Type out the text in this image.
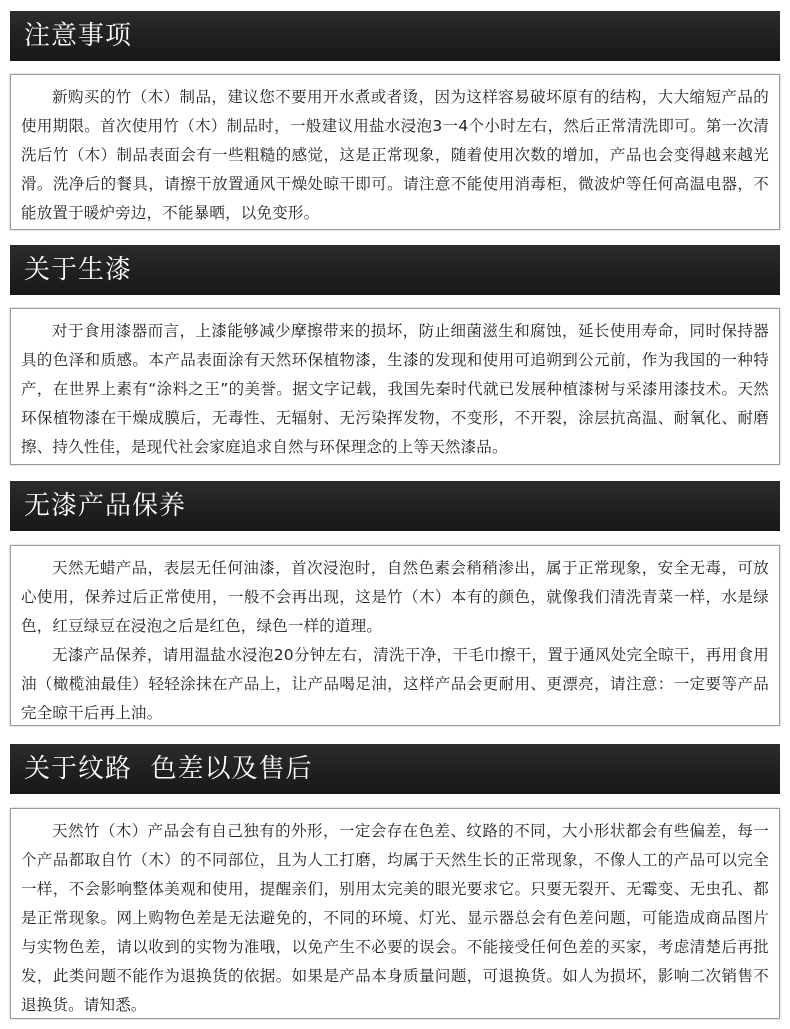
注意事项

新购买的竹（木）制品，建议您不要用开水煮或者烫，因为这样容易破坏原有的结构，大大缩短产品的使用期限。首次使用竹（木）制品时，一般建议用盐水浸泡3一4个小时左右，然后正常清洗即可。第一次清洗后竹（木）制品表面会有一些粗糙的感觉，这是正常现象，随着使用次数的增加，产品也会变得越来越光滑。洗净后的餐具，请擦干放置通风干燥处晾干即可。请注意不能使用消毒柜，微波炉等任何高温电器，不能放置于暖炉旁边，不能暴晒，以免变形。

关于生漆

对于食用漆器而言，上漆能够减少摩擦带来的损坏，防止细菌滋生和腐蚀，延长使用寿命，同时保持器具的色泽和质感。本产品表面涂有天然环保植物漆，生漆的发现和使用可追朔到公元前，作为我国的一种特产，在世界上素有“涂料之王”的美誉。据文字记载，我国先秦时代就已发展种植漆树与采漆用漆技术。天然环保植物漆在干燥成膜后，无毒性、无辐射、无污染挥发物，不变形，不开裂，涂层抗高温、耐氧化、耐磨擦、持久性佳，是现代社会家庭追求自然与环保理念的上等天然漆品。

无漆产品保养

天然无蜡产品，表层无任何油漆，首次浸泡时，自然色素会稍稍渗出，属于正常现象，安全无毒，可放心使用，保养过后正常使用，一般不会再出现，这是竹（木）本有的颜色，就像我们清洗青菜一样，水是绿色，红豆绿豆在浸泡之后是红色，绿色一样的道理。

无漆产品保养，请用温盐水浸泡20分钟左右，清洗干净，干毛巾擦干，置于通风处完全晾干，再用食用油（橄榄油最佳）轻轻涂抹在产品上，让产品喝足油，这样产品会更耐用、更漂亮，请注意：一定要等产品完全晾干后再上油。

关于纹路  色差以及售后

天然竹（木）产品会有自己独有的外形，一定会存在色差、纹路的不同，大小形状都会有些偏差，每一个产品都取自竹（木）的不同部位，且为人工打磨，均属于天然生长的正常现象，不像人工的产品可以完全一样，不会影响整体美观和使用，提醒亲们，别用太完美的眼光要求它。只要无裂开、无霉变、无虫孔、都是正常现象。网上购物色差是无法避免的，不同的环境、灯光、显示器总会有色差问题，可能造成商品图片与实物色差，请以收到的实物为准哦，以免产生不必要的误会。不能接受任何色差的买家，考虑清楚后再批发，此类问题不能作为退换货的依据。如果是产品本身质量问题，可退换货。如人为损坏，影响二次销售不退换货。请知悉。
